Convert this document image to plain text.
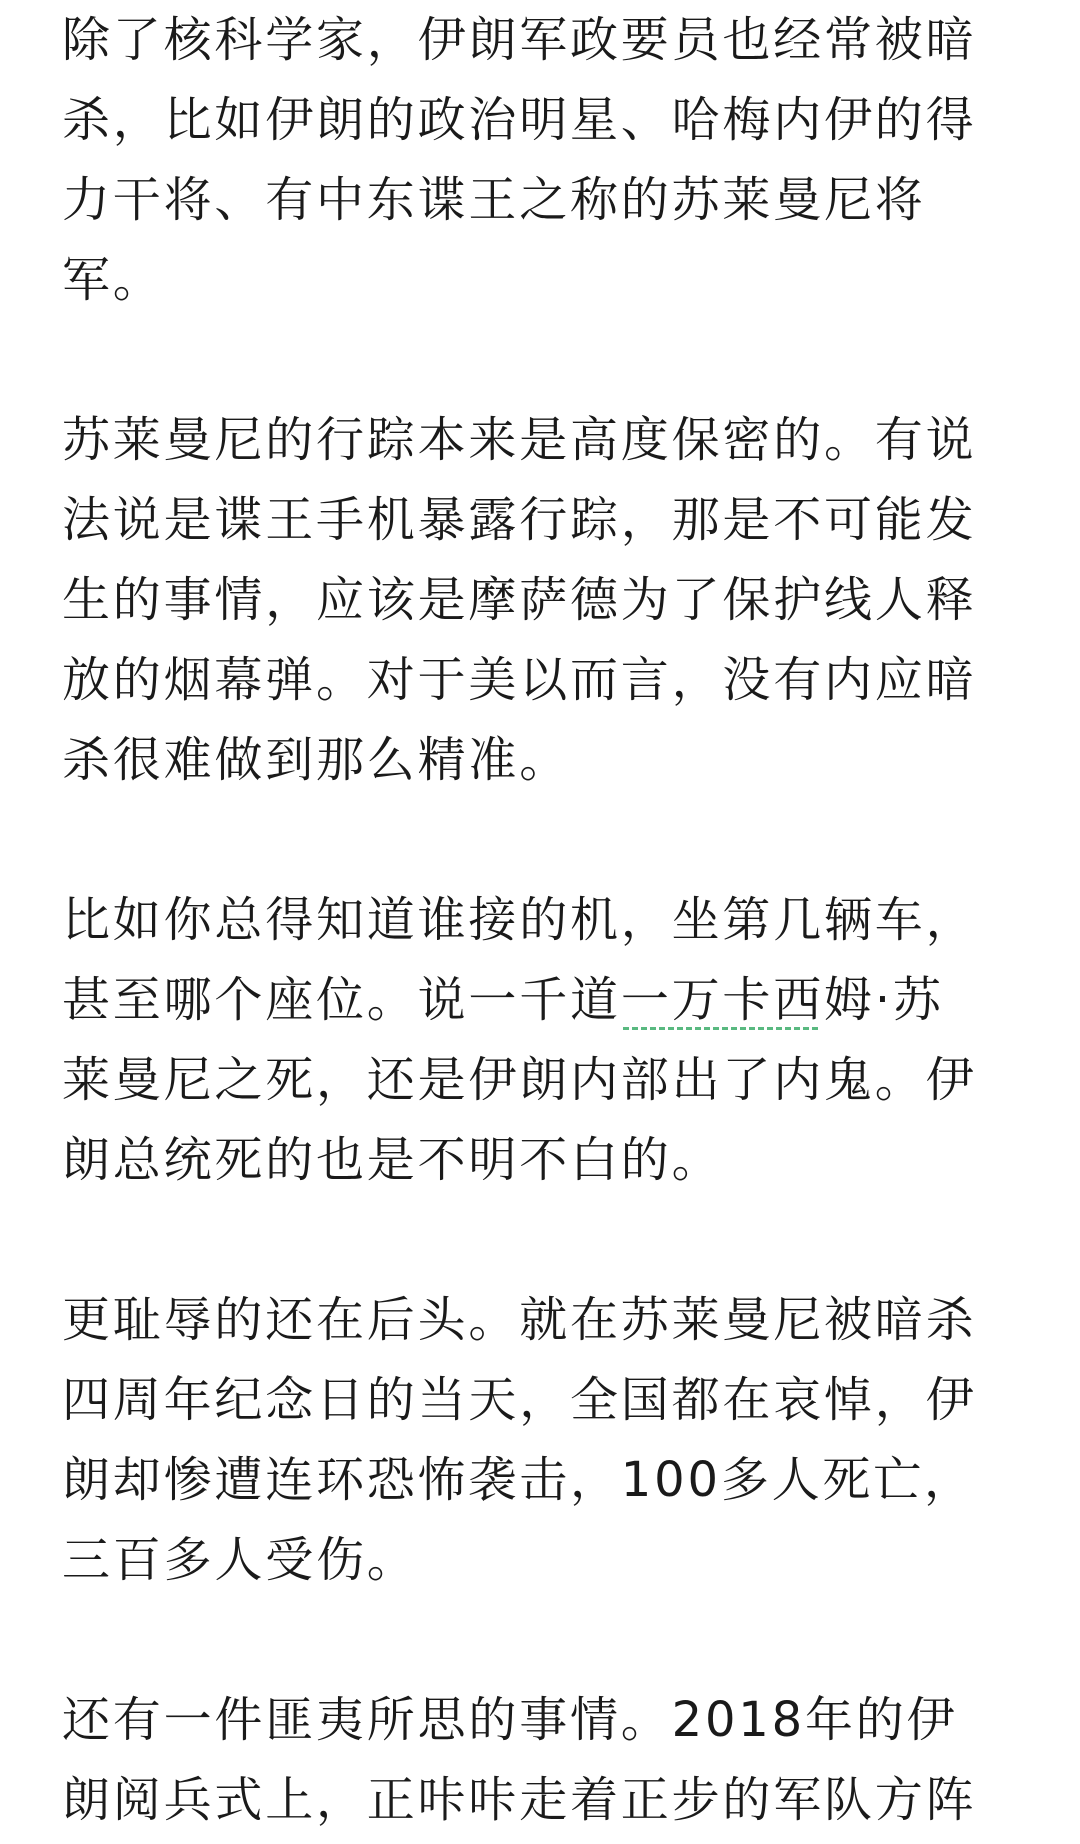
除了核科学家，伊朗军政要员也经常被暗
杀，比如伊朗的政治明星、哈梅内伊的得
力干将、有中东谍王之称的苏莱曼尼将
军。
苏莱曼尼的行踪本来是高度保密的。有说
法说是谍王手机暴露行踪，那是不可能发
生的事情，应该是摩萨德为了保护线人释
放的烟幕弹。对于美以而言，没有内应暗
杀很难做到那么精准。
比如你总得知道谁接的机，坐第几辆车，
甚至哪个座位。说一千道一万卡西姆·苏
莱曼尼之死，还是伊朗内部出了内鬼。伊
朗总统死的也是不明不白的。
更耻辱的还在后头。就在苏莱曼尼被暗杀
四周年纪念日的当天，全国都在哀悼，伊
朗却惨遭连环恐怖袭击，100多人死亡，
三百多人受伤。
还有一件匪夷所思的事情。2018年的伊
朗阅兵式上，正咔咔走着正步的军队方阵
